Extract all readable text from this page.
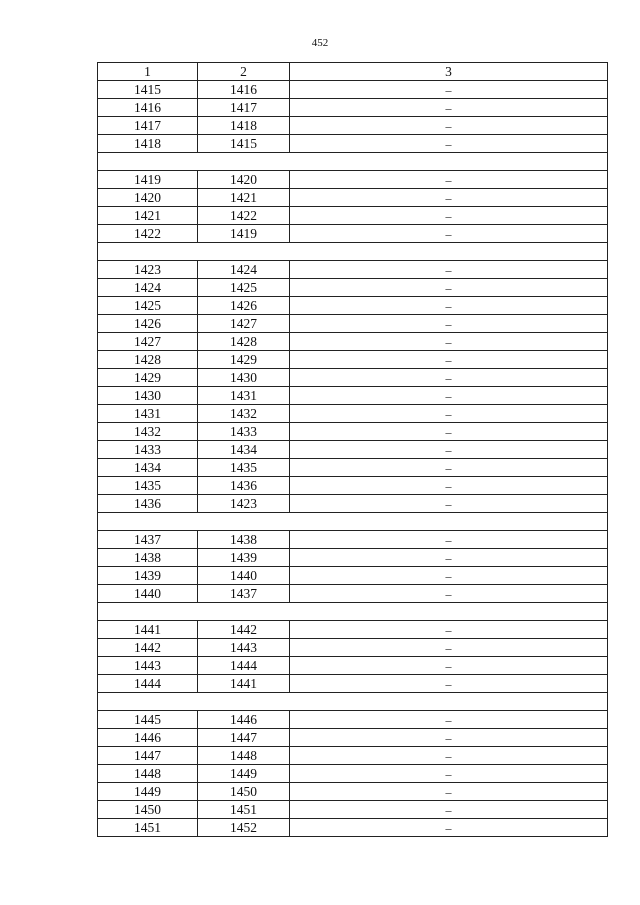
452
1	2	3
1415	1416	–
1416	1417	–
1417	1418	–
1418	1415	–

1419	1420	–
1420	1421	–
1421	1422	–
1422	1419	–

1423	1424	–
1424	1425	–
1425	1426	–
1426	1427	–
1427	1428	–
1428	1429	–
1429	1430	–
1430	1431	–
1431	1432	–
1432	1433	–
1433	1434	–
1434	1435	–
1435	1436	–
1436	1423	–

1437	1438	–
1438	1439	–
1439	1440	–
1440	1437	–

1441	1442	–
1442	1443	–
1443	1444	–
1444	1441	–

1445	1446	–
1446	1447	–
1447	1448	–
1448	1449	–
1449	1450	–
1450	1451	–
1451	1452	–
